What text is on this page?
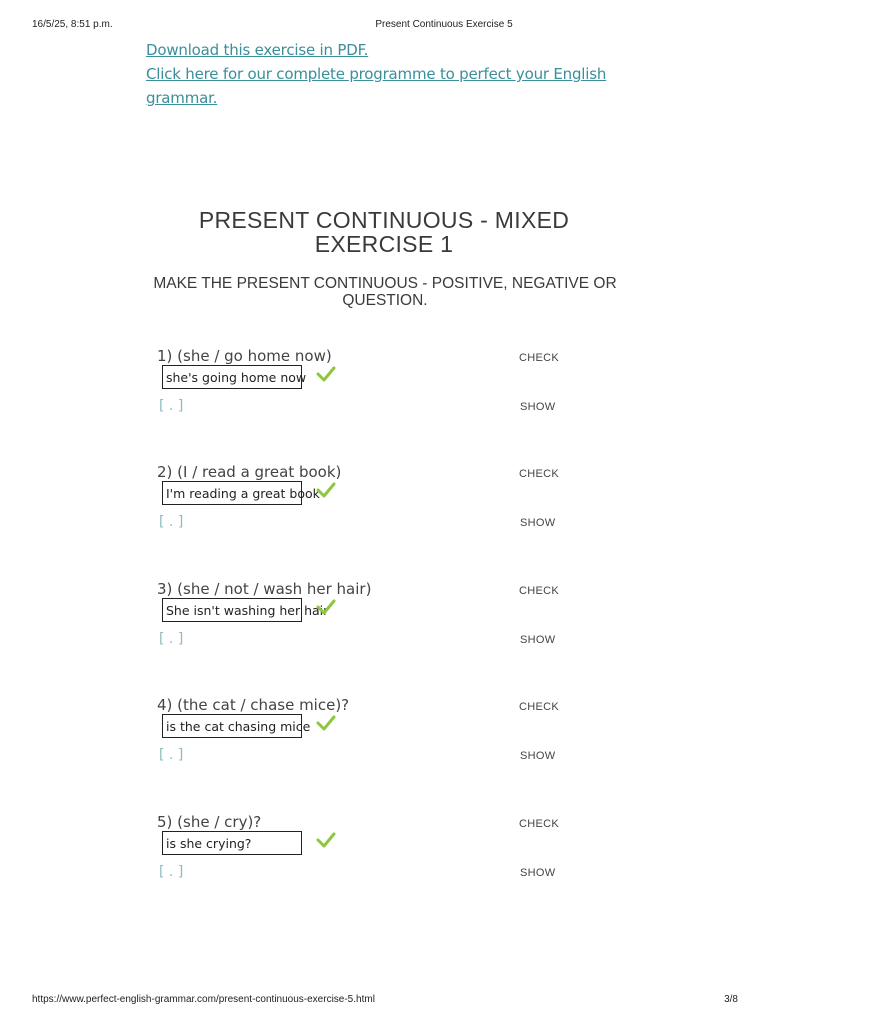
16/5/25, 8:51 p.m.	Present Continuous Exercise 5
Download this exercise in PDF.
Click here for our complete programme to perfect your English grammar.
PRESENT CONTINUOUS - MIXED
EXERCISE 1
MAKE THE PRESENT CONTINUOUS - POSITIVE, NEGATIVE OR
QUESTION.
1) (she / go home now)	CHECK
she's going home now
[ . ]	SHOW
2) (I / read a great book)	CHECK
I'm reading a great book
[ . ]	SHOW
3) (she / not / wash her hair)	CHECK
She isn't washing her hair
[ . ]	SHOW
4) (the cat / chase mice)?	CHECK
is the cat chasing mice
[ . ]	SHOW
5) (she / cry)?	CHECK
is she crying?
[ . ]	SHOW
https://www.perfect-english-grammar.com/present-continuous-exercise-5.html	3/8
